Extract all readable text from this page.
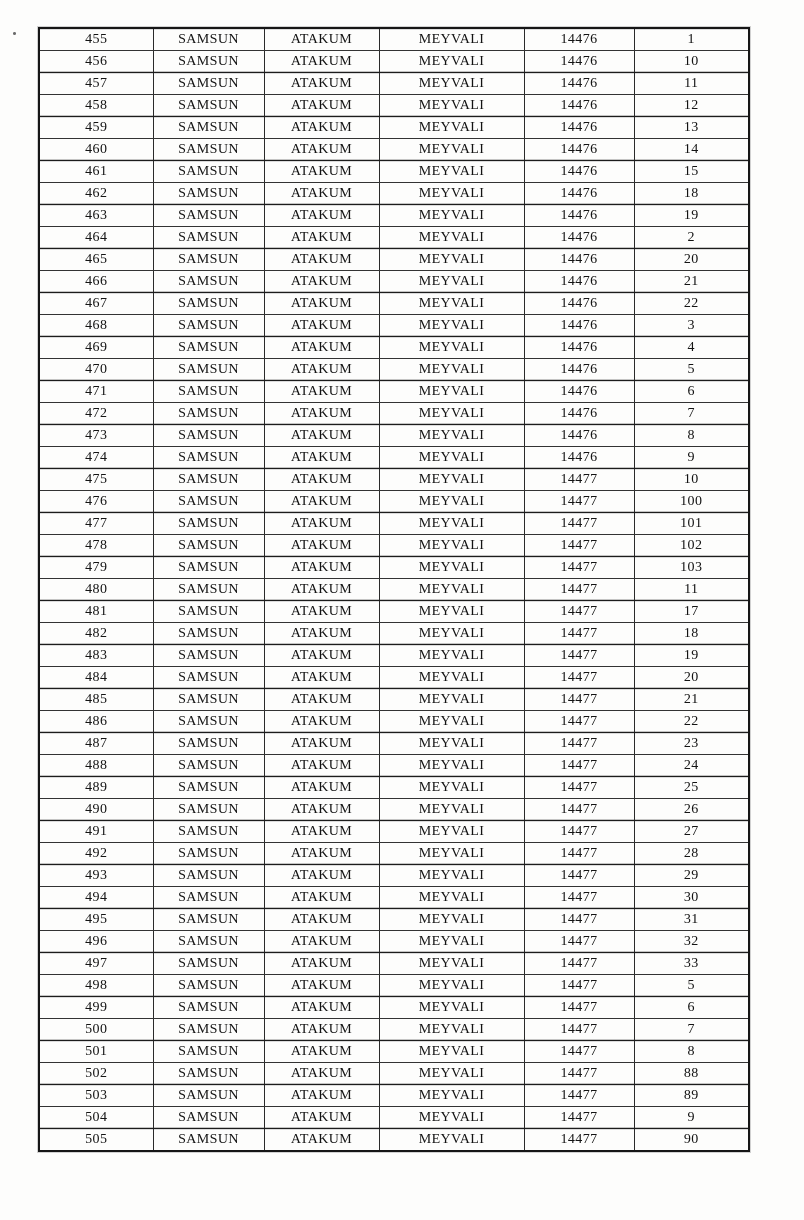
455	SAMSUN	ATAKUM	MEYVALI	14476	1
456	SAMSUN	ATAKUM	MEYVALI	14476	10
457	SAMSUN	ATAKUM	MEYVALI	14476	11
458	SAMSUN	ATAKUM	MEYVALI	14476	12
459	SAMSUN	ATAKUM	MEYVALI	14476	13
460	SAMSUN	ATAKUM	MEYVALI	14476	14
461	SAMSUN	ATAKUM	MEYVALI	14476	15
462	SAMSUN	ATAKUM	MEYVALI	14476	18
463	SAMSUN	ATAKUM	MEYVALI	14476	19
464	SAMSUN	ATAKUM	MEYVALI	14476	2
465	SAMSUN	ATAKUM	MEYVALI	14476	20
466	SAMSUN	ATAKUM	MEYVALI	14476	21
467	SAMSUN	ATAKUM	MEYVALI	14476	22
468	SAMSUN	ATAKUM	MEYVALI	14476	3
469	SAMSUN	ATAKUM	MEYVALI	14476	4
470	SAMSUN	ATAKUM	MEYVALI	14476	5
471	SAMSUN	ATAKUM	MEYVALI	14476	6
472	SAMSUN	ATAKUM	MEYVALI	14476	7
473	SAMSUN	ATAKUM	MEYVALI	14476	8
474	SAMSUN	ATAKUM	MEYVALI	14476	9
475	SAMSUN	ATAKUM	MEYVALI	14477	10
476	SAMSUN	ATAKUM	MEYVALI	14477	100
477	SAMSUN	ATAKUM	MEYVALI	14477	101
478	SAMSUN	ATAKUM	MEYVALI	14477	102
479	SAMSUN	ATAKUM	MEYVALI	14477	103
480	SAMSUN	ATAKUM	MEYVALI	14477	11
481	SAMSUN	ATAKUM	MEYVALI	14477	17
482	SAMSUN	ATAKUM	MEYVALI	14477	18
483	SAMSUN	ATAKUM	MEYVALI	14477	19
484	SAMSUN	ATAKUM	MEYVALI	14477	20
485	SAMSUN	ATAKUM	MEYVALI	14477	21
486	SAMSUN	ATAKUM	MEYVALI	14477	22
487	SAMSUN	ATAKUM	MEYVALI	14477	23
488	SAMSUN	ATAKUM	MEYVALI	14477	24
489	SAMSUN	ATAKUM	MEYVALI	14477	25
490	SAMSUN	ATAKUM	MEYVALI	14477	26
491	SAMSUN	ATAKUM	MEYVALI	14477	27
492	SAMSUN	ATAKUM	MEYVALI	14477	28
493	SAMSUN	ATAKUM	MEYVALI	14477	29
494	SAMSUN	ATAKUM	MEYVALI	14477	30
495	SAMSUN	ATAKUM	MEYVALI	14477	31
496	SAMSUN	ATAKUM	MEYVALI	14477	32
497	SAMSUN	ATAKUM	MEYVALI	14477	33
498	SAMSUN	ATAKUM	MEYVALI	14477	5
499	SAMSUN	ATAKUM	MEYVALI	14477	6
500	SAMSUN	ATAKUM	MEYVALI	14477	7
501	SAMSUN	ATAKUM	MEYVALI	14477	8
502	SAMSUN	ATAKUM	MEYVALI	14477	88
503	SAMSUN	ATAKUM	MEYVALI	14477	89
504	SAMSUN	ATAKUM	MEYVALI	14477	9
505	SAMSUN	ATAKUM	MEYVALI	14477	90
